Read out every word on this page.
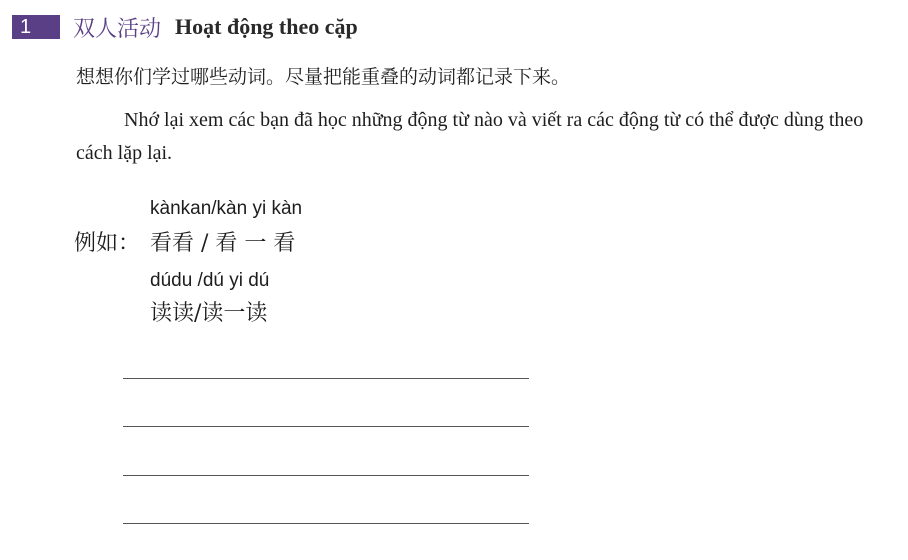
1	双人活动 Hoạt động theo cặp
想想你们学过哪些动词。尽量把能重叠的动词都记录下来。
Nhớ lại xem các bạn đã học những động từ nào và viết ra các động từ có thể được dùng theo cách lặp lại.
kànkan/kàn yi kàn
例如： 看看 / 看 一 看
dúdu /dú yi dú
读读/读一读
